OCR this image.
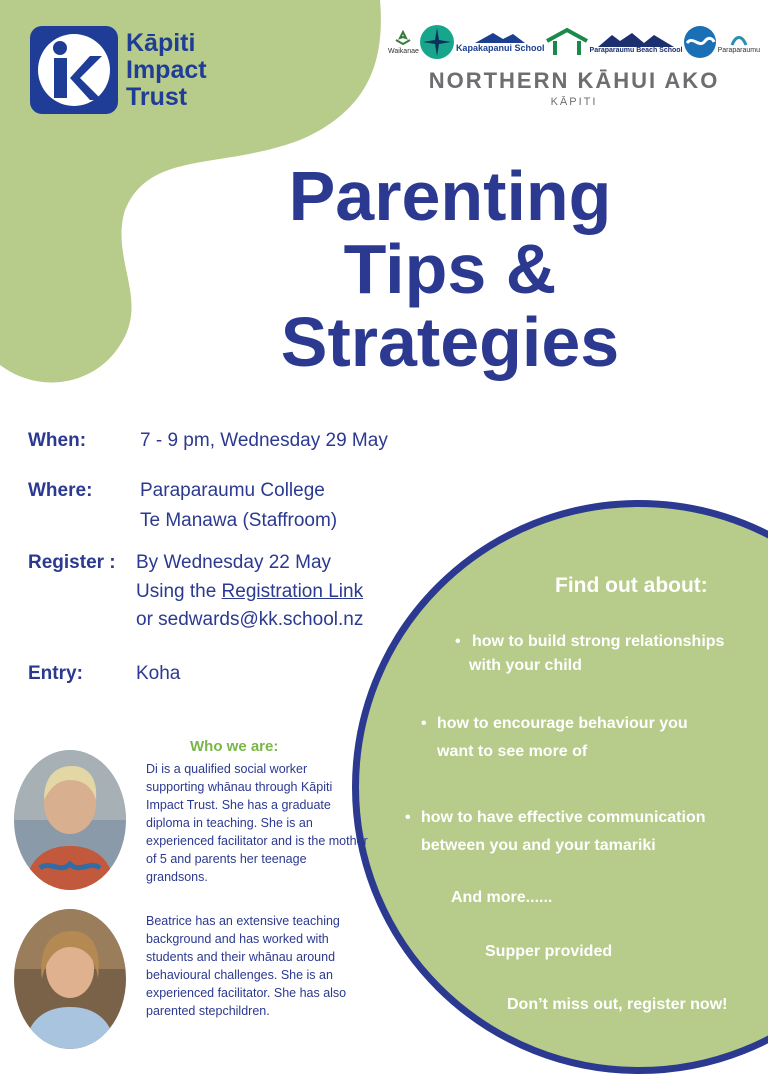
Kāpiti
Impact
Trust
Waikanae	Kapakapanui School	Paraparaumu Beach School	Paraparaumu
NORTHERN KĀHUI AKO
KĀPITI
Parenting
Tips &
Strategies
When:	7 - 9 pm, Wednesday 29 May
Where:	Paraparaumu College
Te Manawa (Staffroom)
Register : By Wednesday 22 May
Using the Registration Link
or sedwards@kk.school.nz
Entry:	Koha
Find out about:
• how to build strong relationships
with your child
• how to encourage behaviour you
want to see more of
• how to have effective communication
between you and your tamariki
And more......
Supper provided
Don’t miss out, register now!
Who we are:
Di is a qualified social worker supporting whānau through Kāpiti Impact Trust. She has a graduate diploma in teaching. She is an experienced facilitator and is the mother of 5 and parents her teenage grandsons.
Beatrice has an extensive teaching background and has worked with students and their whānau around behavioural challenges. She is an experienced facilitator. She has also parented stepchildren.
